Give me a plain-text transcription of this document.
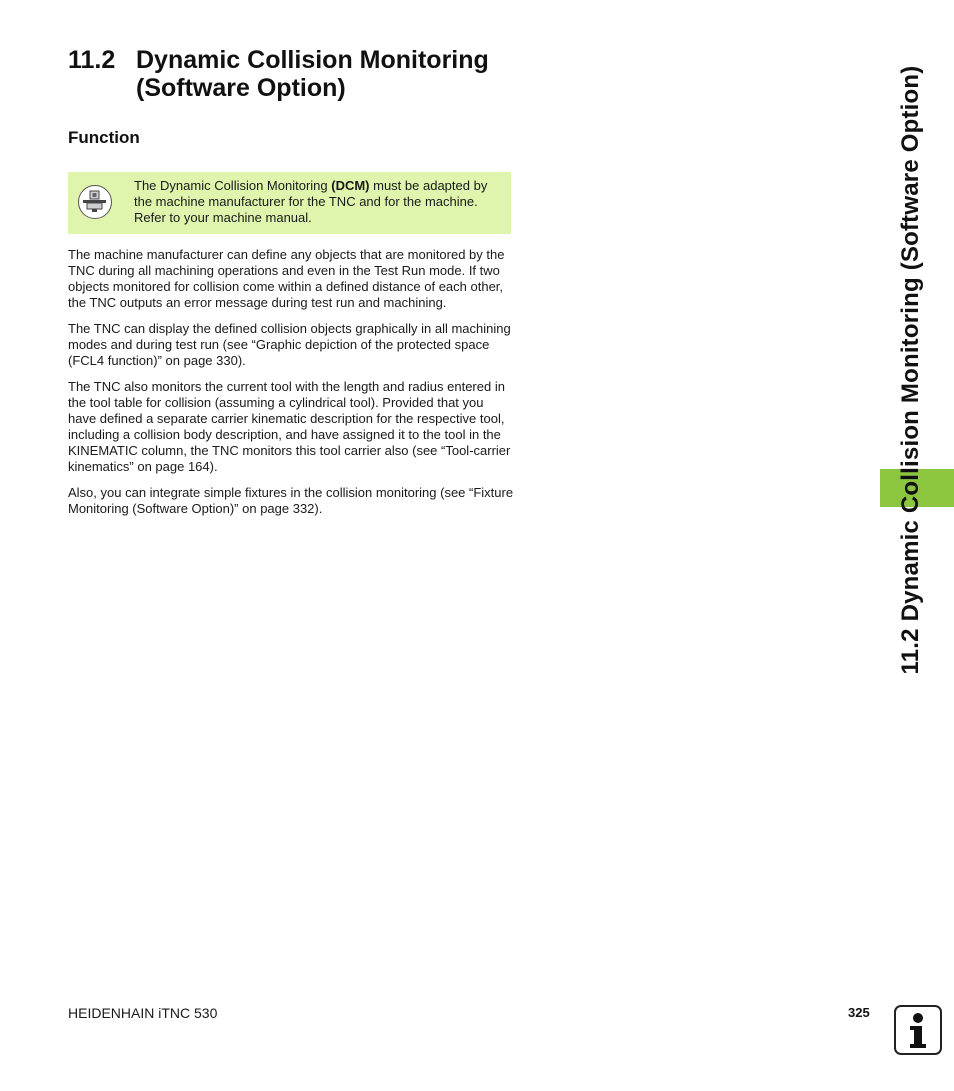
11.2 Dynamic Collision Monitoring (Software Option)
Function
The Dynamic Collision Monitoring (DCM) must be adapted by the machine manufacturer for the TNC and for the machine. Refer to your machine manual.

The machine manufacturer can define any objects that are monitored by the TNC during all machining operations and even in the Test Run mode. If two objects monitored for collision come within a defined distance of each other, the TNC outputs an error message during test run and machining.

The TNC can display the defined collision objects graphically in all machining modes and during test run (see “Graphic depiction of the protected space (FCL4 function)” on page 330).

The TNC also monitors the current tool with the length and radius entered in the tool table for collision (assuming a cylindrical tool). Provided that you have defined a separate carrier kinematic description for the respective tool, including a collision body description, and have assigned it to the tool in the KINEMATIC column, the TNC monitors this tool carrier also (see “Tool-carrier kinematics” on page 164).

Also, you can integrate simple fixtures in the collision monitoring (see “Fixture Monitoring (Software Option)” on page 332).	11.2 Dynamic Collision Monitoring (Software Option)
HEIDENHAIN iTNC 530	325
